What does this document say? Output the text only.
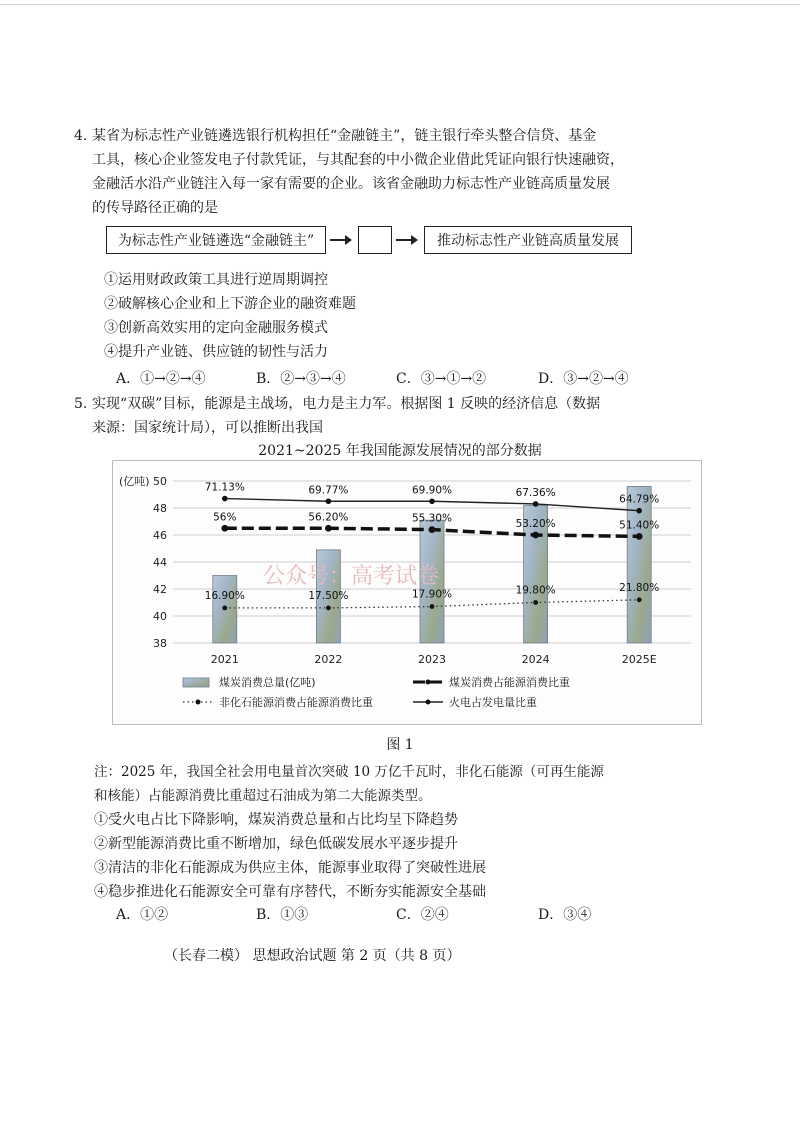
4. 某省为标志性产业链遴选银行机构担任“金融链主”，链主银行牵头整合信贷、基金

工具，核心企业签发电子付款凭证，与其配套的中小微企业借此凭证向银行快速融资，

金融活水沿产业链注入每一家有需要的企业。该省金融助力标志性产业链高质量发展

的传导路径正确的是

为标志性产业链遴选“金融链主”	推动标志性产业链高质量发展
①运用财政政策工具进行逆周期调控
②破解核心企业和上下游企业的融资难题
③创新高效实用的定向金融服务模式
④提升产业链、供应链的韧性与活力
A．①→②→④	B．②→③→④	C．③→①→②	D．③→②→④
5. 实现“双碳”目标，能源是主战场，电力是主力军。根据图 1 反映的经济信息（数据

来源：国家统计局），可以推断出我国

2021~2025 年我国能源发展情况的部分数据
38
40
42
44
46
48
50
(亿吨)
2021	2022	2023	2024	2025E
56%	56.20%	55.30%	53.20%	51.40%
16.90%	17.50%	17.90%	19.80%	21.80%
71.13%	69.77%	69.90%	67.36%
64.79%
煤炭消费总量(亿吨)	煤炭消费占能源消费比重
非化石能源消费占能源消费比重	火电占发电量比重
公众号：高考试卷
图 1
注：2025 年，我国全社会用电量首次突破 10 万亿千瓦时，非化石能源（可再生能源
和核能）占能源消费比重超过石油成为第二大能源类型。
①受火电占比下降影响，煤炭消费总量和占比均呈下降趋势
②新型能源消费比重不断增加，绿色低碳发展水平逐步提升
③清洁的非化石能源成为供应主体，能源事业取得了突破性进展
④稳步推进化石能源安全可靠有序替代，不断夯实能源安全基础
A．①②	B．①③	C．②④	D．③④
（长春二模） 思想政治试题 第 2 页（共 8 页）
